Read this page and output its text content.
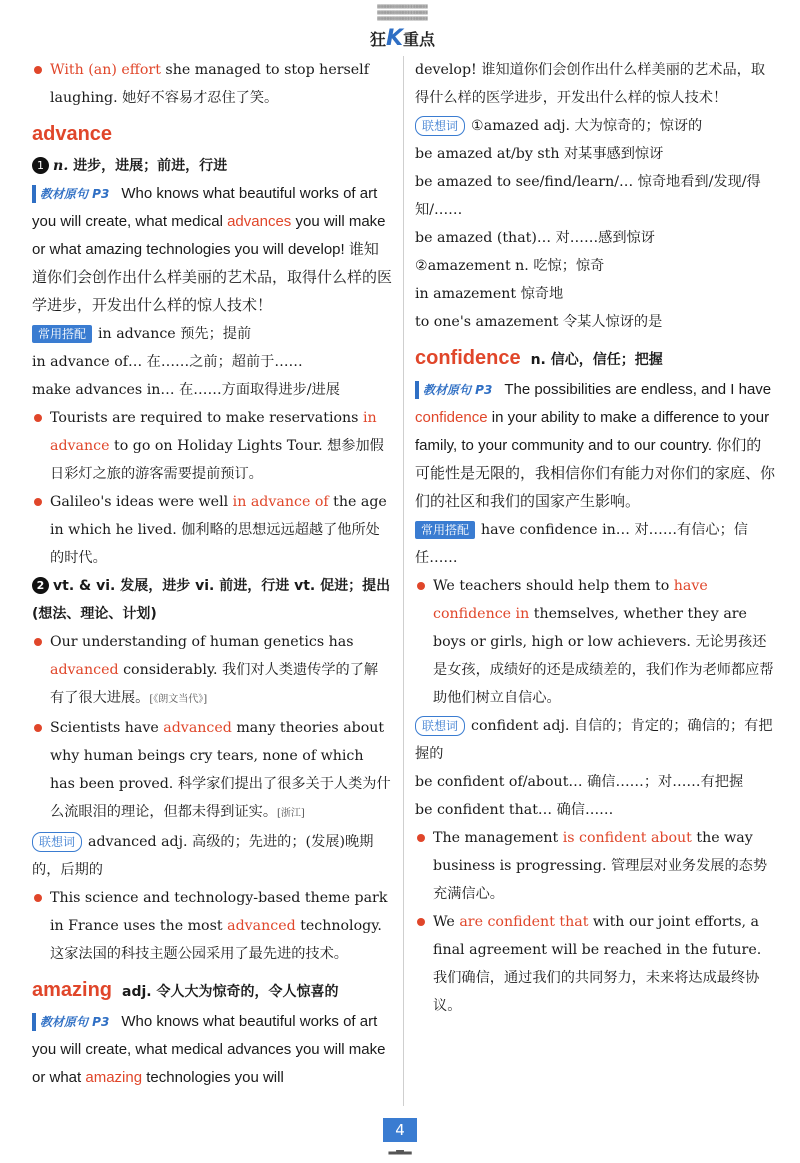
▦▦▦▦▦▦▦▦▦▦▦▦▦▦
▦▦▦▦▦▦▦▦▦▦▦▦▦▦
▦▦▦▦▦▦▦▦▦▦▦▦▦▦
狂K重点
With (an) effort she managed to stop herself laughing. 她好不容易才忍住了笑。
advance
1 n. 进步，进展；前进，行进
教材原句 P3 Who knows what beautiful works of art you will create, what medical advances you will make or what amazing technologies you will develop! 谁知道你们会创作出什么样美丽的艺术品，取得什么样的医学进步，开发出什么样的惊人技术！
常用搭配 in advance 预先；提前
in advance of… 在……之前；超前于……
make advances in… 在……方面取得进步/进展
Tourists are required to make reservations in advance to go on Holiday Lights Tour. 想参加假日彩灯之旅的游客需要提前预订。
Galileo's ideas were well in advance of the age in which he lived. 伽利略的思想远远超越了他所处的时代。
2 vt. & vi. 发展，进步 vi. 前进，行进 vt. 促进；提出(想法、理论、计划)
Our understanding of human genetics has advanced considerably. 我们对人类遗传学的了解有了很大进展。[《朗文当代》]
Scientists have advanced many theories about why human beings cry tears, none of which has been proved. 科学家们提出了很多关于人类为什么流眼泪的理论，但都未得到证实。[浙江]
联想词 advanced adj. 高级的；先进的；(发展)晚期的，后期的
This science and technology-based theme park in France uses the most advanced technology. 这家法国的科技主题公园采用了最先进的技术。
amazing adj. 令人大为惊奇的，令人惊喜的
教材原句 P3 Who knows what beautiful works of art you will create, what medical advances you will make or what amazing technologies you will
develop! 谁知道你们会创作出什么样美丽的艺术品，取得什么样的医学进步，开发出什么样的惊人技术！
联想词 ①amazed adj. 大为惊奇的；惊讶的
be amazed at/by sth 对某事感到惊讶
be amazed to see/find/learn/… 惊奇地看到/发现/得知/……
be amazed (that)… 对……感到惊讶
②amazement n. 吃惊；惊奇
in amazement 惊奇地
to one's amazement 令某人惊讶的是
confidence n. 信心，信任；把握
教材原句 P3 The possibilities are endless, and I have confidence in your ability to make a difference to your family, to your community and to our country. 你们的可能性是无限的，我相信你们有能力对你们的家庭、你们的社区和我们的国家产生影响。
常用搭配 have confidence in… 对……有信心；信任……
We teachers should help them to have confidence in themselves, whether they are boys or girls, high or low achievers. 无论男孩还是女孩，成绩好的还是成绩差的，我们作为老师都应帮助他们树立自信心。
联想词 confident adj. 自信的；肯定的；确信的；有把握的
be confident of/about… 确信……；对……有把握
be confident that… 确信……
The management is confident about the way business is progressing. 管理层对业务发展的态势充满信心。
We are confident that with our joint efforts, a final agreement will be reached in the future. 我们确信，通过我们的共同努力，未来将达成最终协议。
4
▂▃▂
